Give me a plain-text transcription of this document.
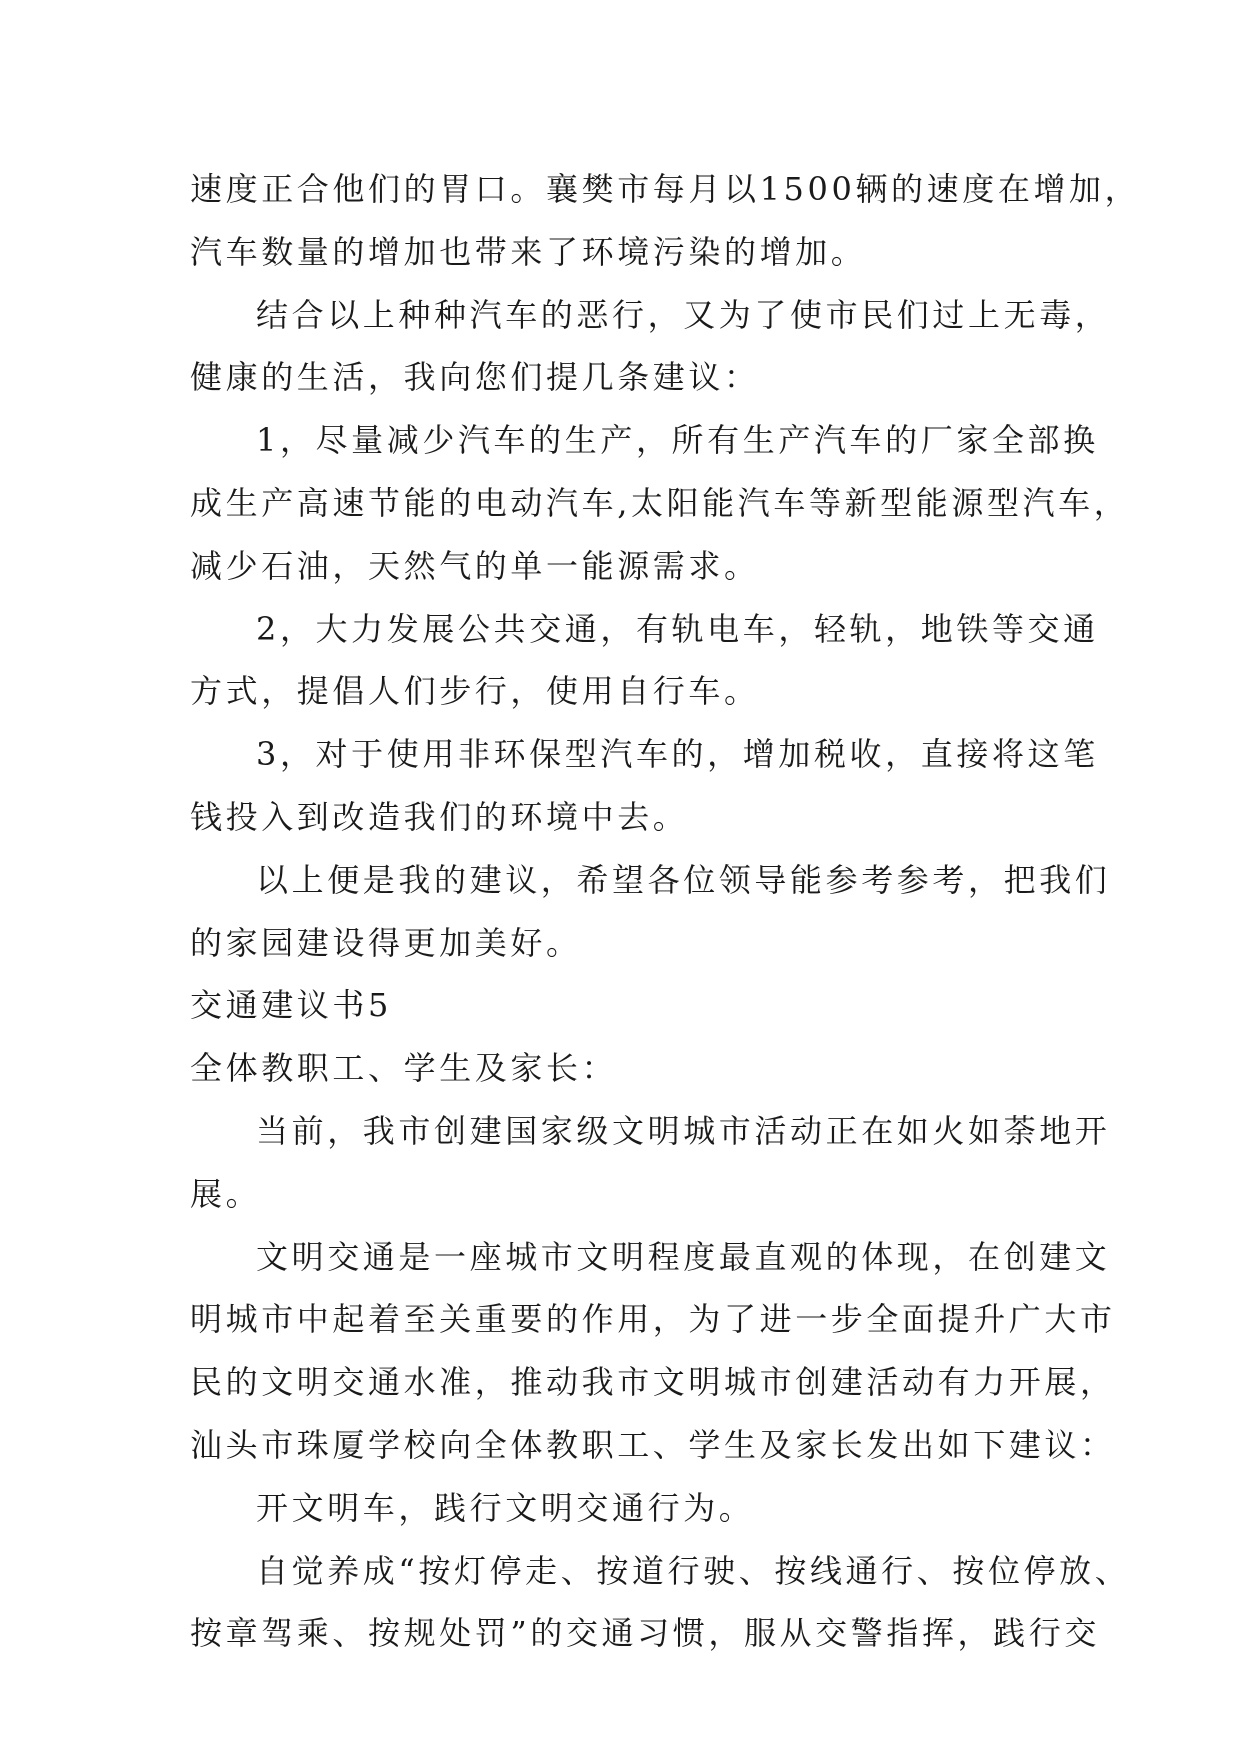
速度正合他们的胃口。襄樊市每月以1500辆的速度在增加，
汽车数量的增加也带来了环境污染的增加。
结合以上种种汽车的恶行，又为了使市民们过上无毒，
健康的生活，我向您们提几条建议：
1，尽量减少汽车的生产，所有生产汽车的厂家全部换
成生产高速节能的电动汽车,太阳能汽车等新型能源型汽车，
减少石油，天然气的单一能源需求。
2，大力发展公共交通，有轨电车，轻轨，地铁等交通
方式，提倡人们步行，使用自行车。
3，对于使用非环保型汽车的，增加税收，直接将这笔
钱投入到改造我们的环境中去。
以上便是我的建议，希望各位领导能参考参考，把我们
的家园建设得更加美好。
交通建议书5
全体教职工、学生及家长：
当前，我市创建国家级文明城市活动正在如火如荼地开
展。
文明交通是一座城市文明程度最直观的体现，在创建文
明城市中起着至关重要的作用，为了进一步全面提升广大市
民的文明交通水准，推动我市文明城市创建活动有力开展，
汕头市珠厦学校向全体教职工、学生及家长发出如下建议：
开文明车，践行文明交通行为。
自觉养成“按灯停走、按道行驶、按线通行、按位停放、
按章驾乘、按规处罚”的交通习惯，服从交警指挥，践行交
